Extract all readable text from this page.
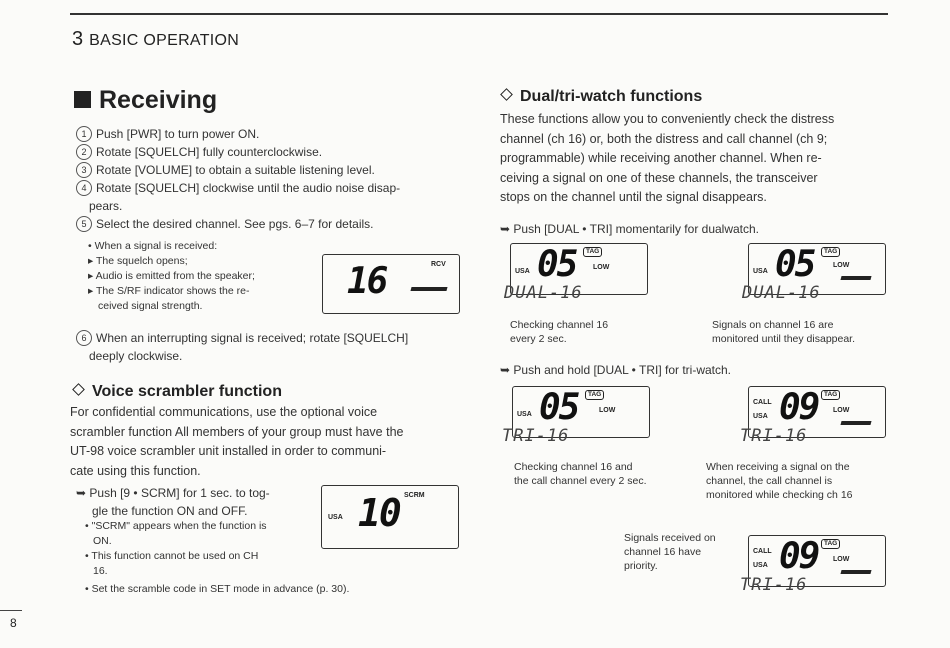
3 BASIC OPERATION
Receiving
1 Push [PWR] to turn power ON.
2 Rotate [SQUELCH] fully counterclockwise.
3 Rotate [VOLUME] to obtain a suitable listening level.
4 Rotate [SQUELCH] clockwise until the audio noise disap-
pears.
5 Select the desired channel. See pgs. 6–7 for details.
• When a signal is received:
▸ The squelch opens;
▸ Audio is emitted from the speaker;
▸ The S/RF indicator shows the re-
ceived signal strength.
16	RCV
6 When an interrupting signal is received; rotate [SQUELCH]
deeply clockwise.
Voice scrambler function
For confidential communications, use the optional voice
scrambler function All members of your group must have the
UT-98 voice scrambler unit installed in order to communi-
cate using this function.
➥ Push [9 • SCRM] for 1 sec. to tog-
gle the function ON and OFF.
• "SCRM" appears when the function is
ON.
• This function cannot be used on CH
16.
• Set the scramble code in SET mode in advance (p. 30).
USA 10 SCRM
Dual/tri-watch functions
These functions allow you to conveniently check the distress
channel (ch 16) or, both the distress and call channel (ch 9;
programmable) while receiving another channel. When re-
ceiving a signal on one of these channels, the transceiver
stops on the channel until the signal disappears.
➥ Push [DUAL • TRI] momentarily for dualwatch.
USA 05	TAG
LOW
DUAL-16
Checking channel 16
every 2 sec.
USA 05	TAG
LOW
DUAL-16
Signals on channel 16 are
monitored until they disappear.
➥ Push and hold [DUAL • TRI] for tri-watch.
USA 05	TAG
LOW
TRI-16
Checking channel 16 and
the call channel every 2 sec.
CALL
USA 09 TAG
LOW
TRI-16
When receiving a signal on the
channel, the call channel is
monitored while checking ch 16
Signals received on
channel 16 have
priority.
CALL
USA 09 TAG
LOW
TRI-16
8
